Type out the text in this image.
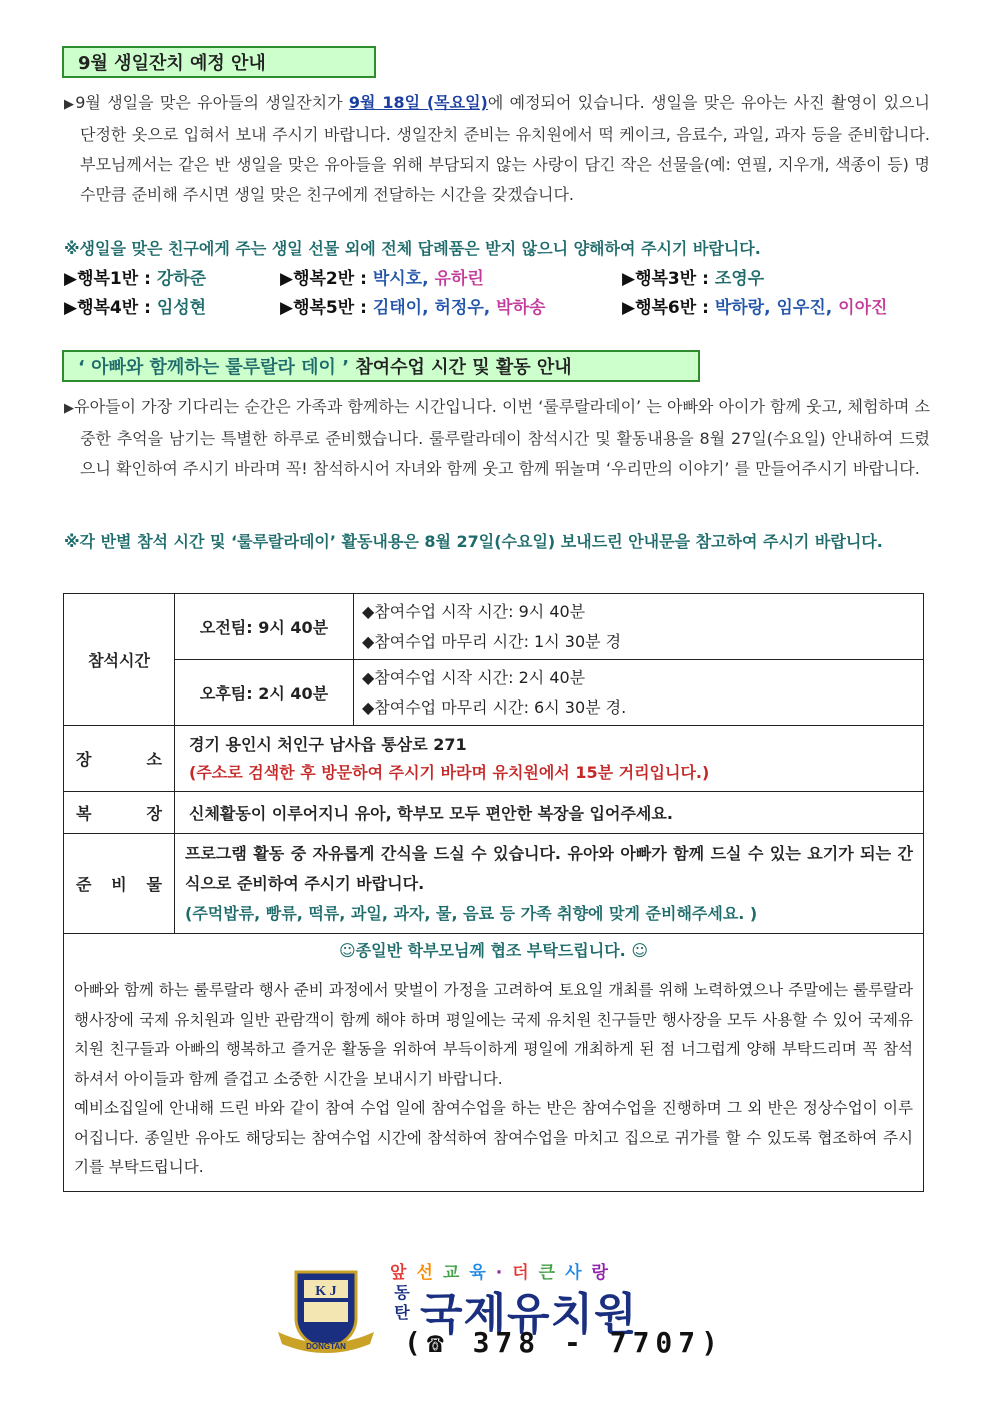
9월 생일잔치 예정 안내

▶9월 생일을 맞은 유아들의 생일잔치가 9월 18일 (목요일)에 예정되어 있습니다. 생일을 맞은 유아는 사진 촬영이 있으니 단정한 옷으로 입혀서 보내 주시기 바랍니다. 생일잔치 준비는 유치원에서 떡 케이크, 음료수, 과일, 과자 등을 준비합니다. 부모님께서는 같은 반 생일을 맞은 유아들을 위해 부담되지 않는 사랑이 담긴 작은 선물을(예: 연필, 지우개, 색종이 등) 명수만큼 준비해 주시면 생일 맞은 친구에게 전달하는 시간을 갖겠습니다.

※생일을 맞은 친구에게 주는 생일 선물 외에 전체 답례품은 받지 않으니 양해하여 주시기 바랍니다.

▶행복1반 : 강하준	▶행복2반 : 박시호, 유하린	▶행복3반 : 조영우
▶행복4반 : 임성현	▶행복5반 : 김태이, 허정우, 박하송	▶행복6반 : 박하랑, 임우진, 이아진
‘ 아빠와 함께하는 룰루랄라 데이 ’ 참여수업 시간 및 활동 안내

▶유아들이 가장 기다리는 순간은 가족과 함께하는 시간입니다. 이번 ‘룰루랄라데이’ 는 아빠와 아이가 함께 웃고, 체험하며 소중한 추억을 남기는 특별한 하루로 준비했습니다. 룰루랄라데이 참석시간 및 활동내용을 8월 27일(수요일) 안내하여 드렸으니 확인하여 주시기 바라며 꼭! 참석하시어 자녀와 함께 웃고 함께 뛰놀며 ‘우리만의 이야기’ 를 만들어주시기 바랍니다.

※각 반별 참석 시간 및 ‘룰루랄라데이’ 활동내용은 8월 27일(수요일) 보내드린 안내문을 참고하여 주시기 바랍니다.

참석시간	오전팀: 9시 40분	◆참여수업 시작 시간: 9시 40분
◆참여수업 마무리 시간: 1시 30분 경

	오후팀: 2시 40분	◆참여수업 시작 시간: 2시 40분
◆참여수업 마무리 시간: 6시 30분 경.

장 소	경기 용인시 처인구 남사읍 통삼로 271
(주소로 검색한 후 방문하여 주시기 바라며 유치원에서 15분 거리입니다.)	

복 장	신체활동이 이루어지니 유아, 학부모 모두 편안한 복장을 입어주세요.	
준 비 물	프로그램 활동 중 자유롭게 간식을 드실 수 있습니다. 유아와 아빠가 함께 드실 수 있는 요기가 되는 간식으로 준비하여 주시기 바랍니다.
(주먹밥류, 빵류, 떡류, 과일, 과자, 물, 음료 등 가족 취향에 맞게 준비해주세요. )	

☺종일반 학부모님께 협조 부탁드립니다. ☺

아빠와 함께 하는 룰루랄라 행사 준비 과정에서 맞벌이 가정을 고려하여 토요일 개최를 위해 노력하였으나 주말에는 룰루랄라 행사장에 국제 유치원과 일반 관람객이 함께 해야 하며 평일에는 국제 유치원 친구들만 행사장을 모두 사용할 수 있어 국제유치원 친구들과 아빠의 행복하고 즐거운 활동을 위하여 부득이하게 평일에 개최하게 된 점 너그럽게 양해 부탁드리며 꼭 참석하셔서 아이들과 함께 즐겁고 소중한 시간을 보내시기 바랍니다.

예비소집일에 안내해 드린 바와 같이 참여 수업 일에 참여수업을 하는 반은 참여수업을 진행하며 그 외 반은 정상수업이 이루어집니다. 종일반 유아도 해당되는 참여수업 시간에 참석하여 참여수업을 마치고 집으로 귀가를 할 수 있도록 협조하여 주시기를 부탁드립니다.		

K J
DONGTAN
앞선교육·더큰사랑
동탄 국제유치원
(☎ 378 - 7707)
